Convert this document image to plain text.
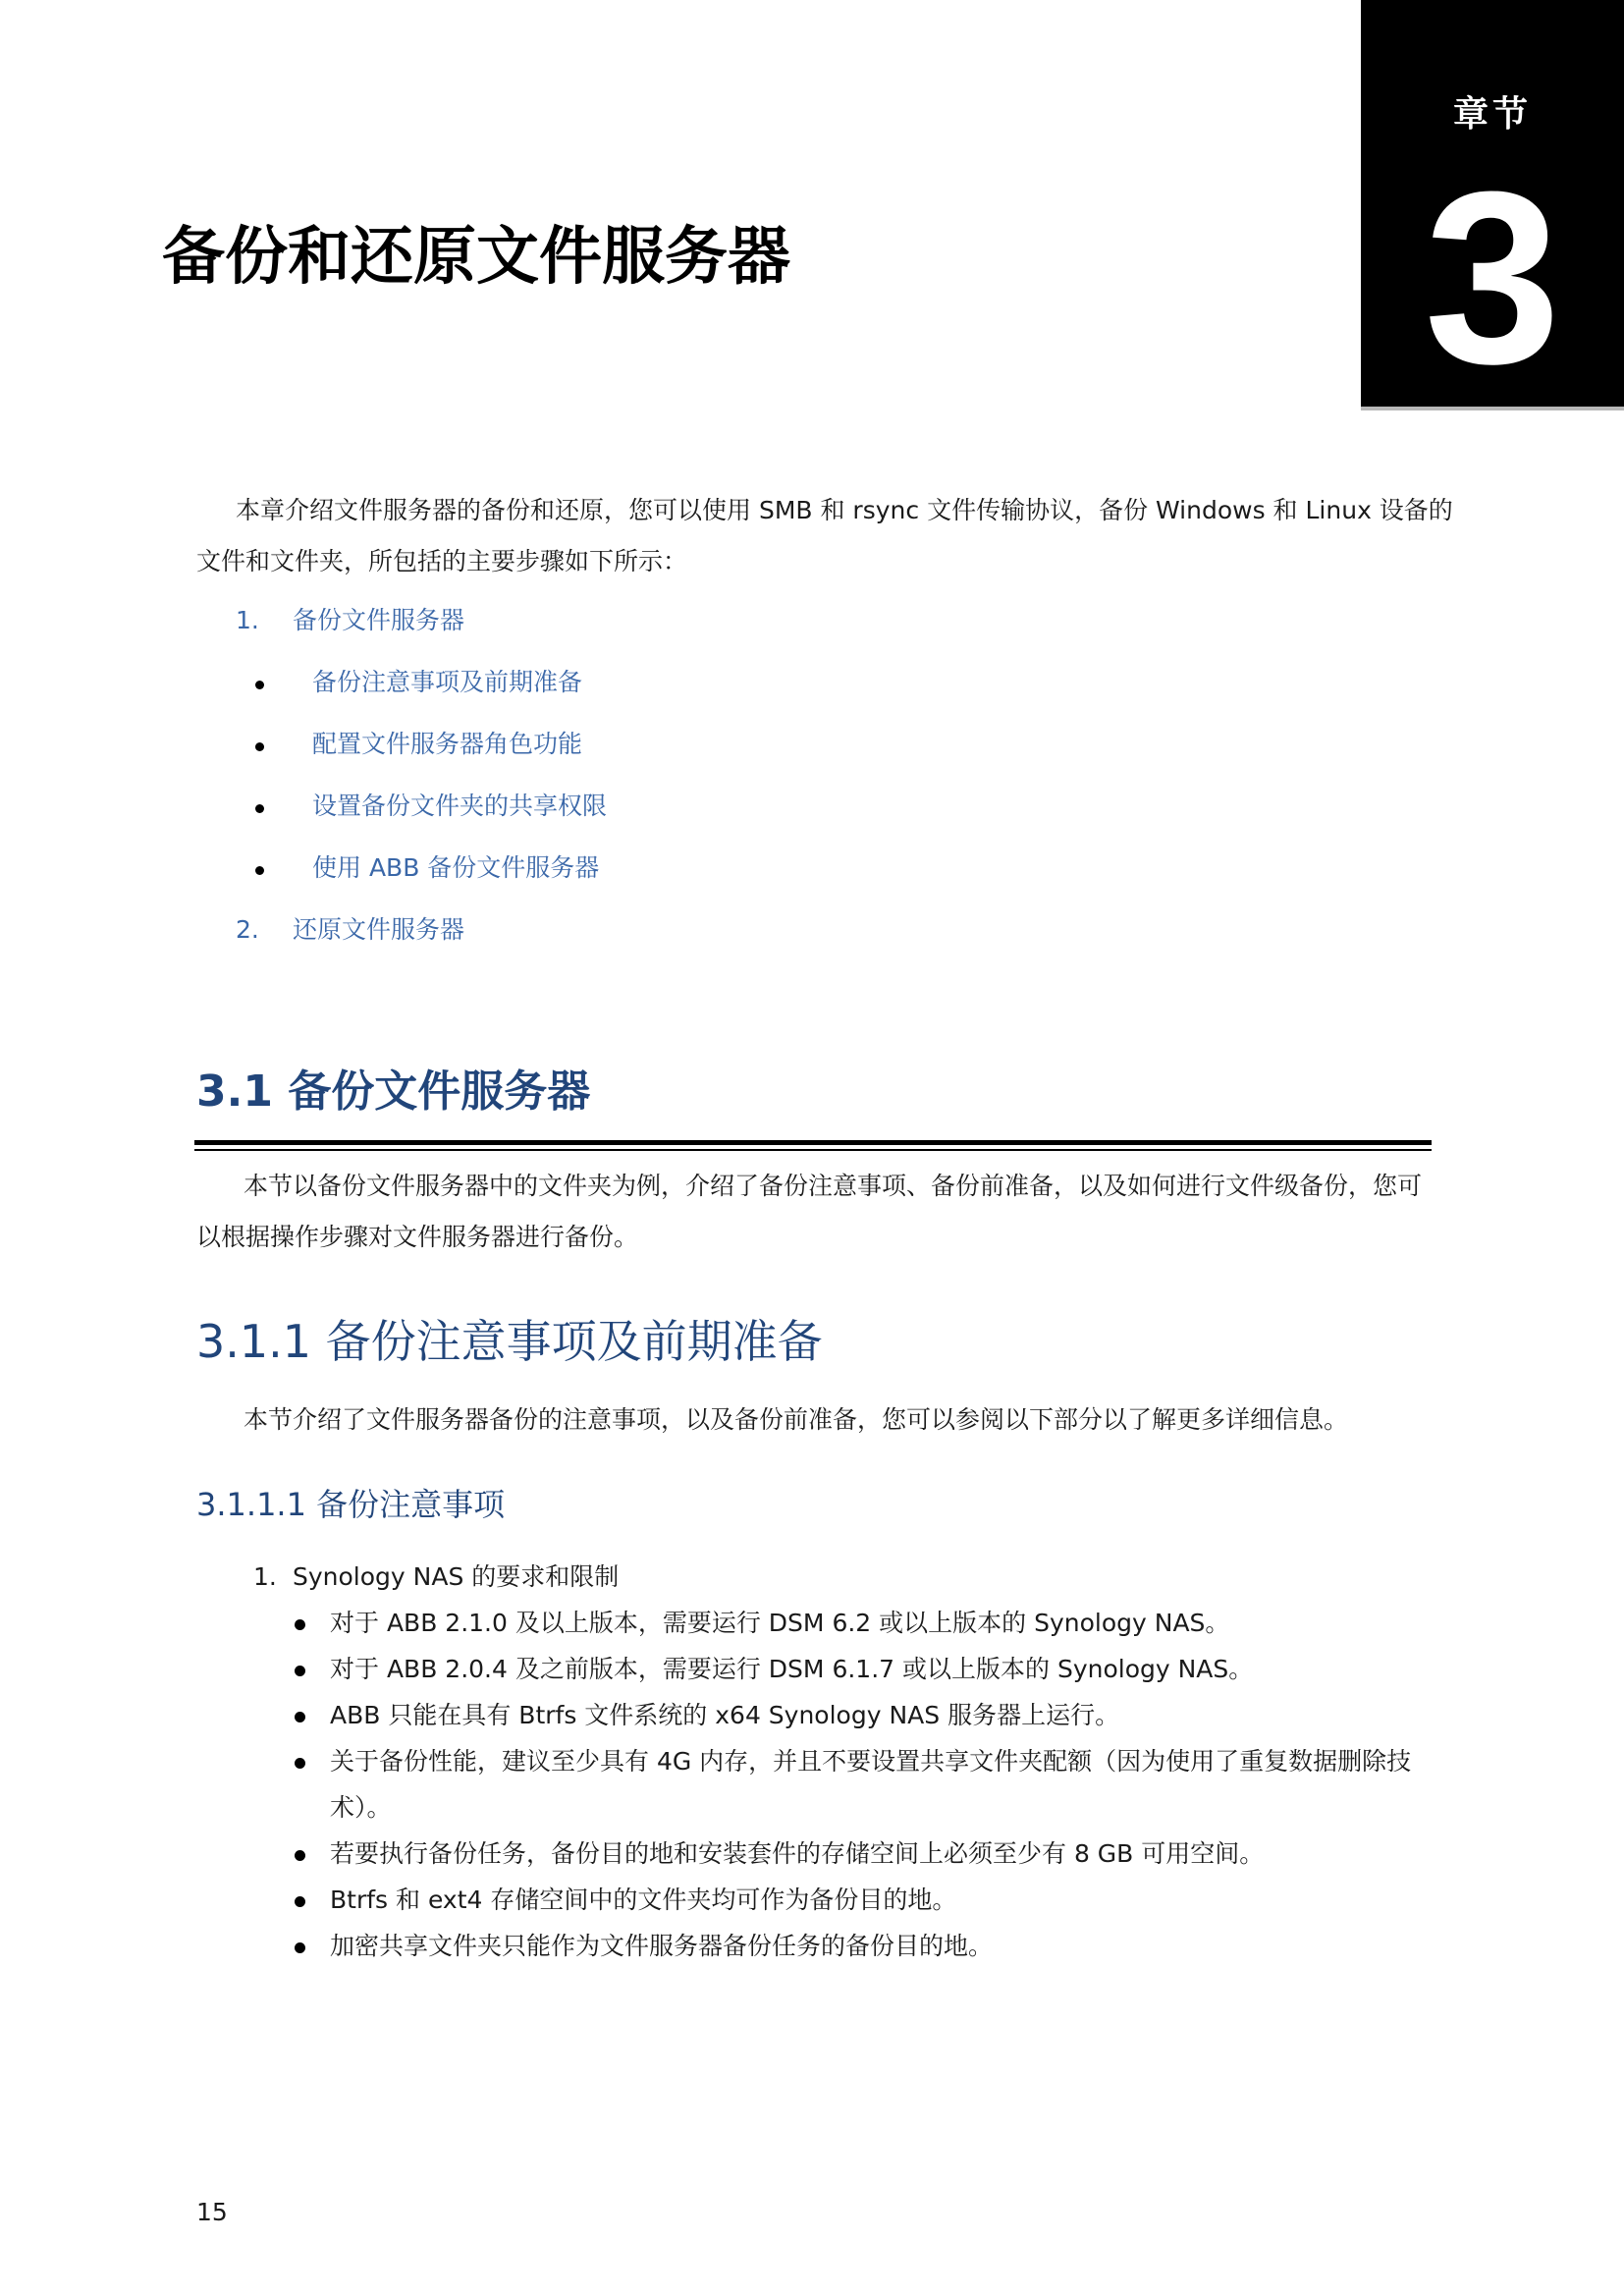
章节
3
备份和还原文件服务器

本章介绍文件服务器的备份和还原，您可以使用 SMB 和 rsync 文件传输协议，备份 Windows 和 Linux 设备的

文件和文件夹，所包括的主要步骤如下所示：

1. 备份文件服务器
备份注意事项及前期准备
配置文件服务器角色功能
设置备份文件夹的共享权限
使用 ABB 备份文件服务器
2. 还原文件服务器
3.1 备份文件服务器

本节以备份文件服务器中的文件夹为例，介绍了备份注意事项、备份前准备，以及如何进行文件级备份，您可

以根据操作步骤对文件服务器进行备份。

3.1.1 备份注意事项及前期准备

本节介绍了文件服务器备份的注意事项，以及备份前准备，您可以参阅以下部分以了解更多详细信息。

3.1.1.1 备份注意事项
1. Synology NAS 的要求和限制
对于 ABB 2.1.0 及以上版本，需要运行 DSM 6.2 或以上版本的 Synology NAS。
对于 ABB 2.0.4 及之前版本，需要运行 DSM 6.1.7 或以上版本的 Synology NAS。
ABB 只能在具有 Btrfs 文件系统的 x64 Synology NAS 服务器上运行。
关于备份性能，建议至少具有 4G 内存，并且不要设置共享文件夹配额（因为使用了重复数据删除技
术）。
若要执行备份任务，备份目的地和安装套件的存储空间上必须至少有 8 GB 可用空间。
Btrfs 和 ext4 存储空间中的文件夹均可作为备份目的地。
加密共享文件夹只能作为文件服务器备份任务的备份目的地。
15
